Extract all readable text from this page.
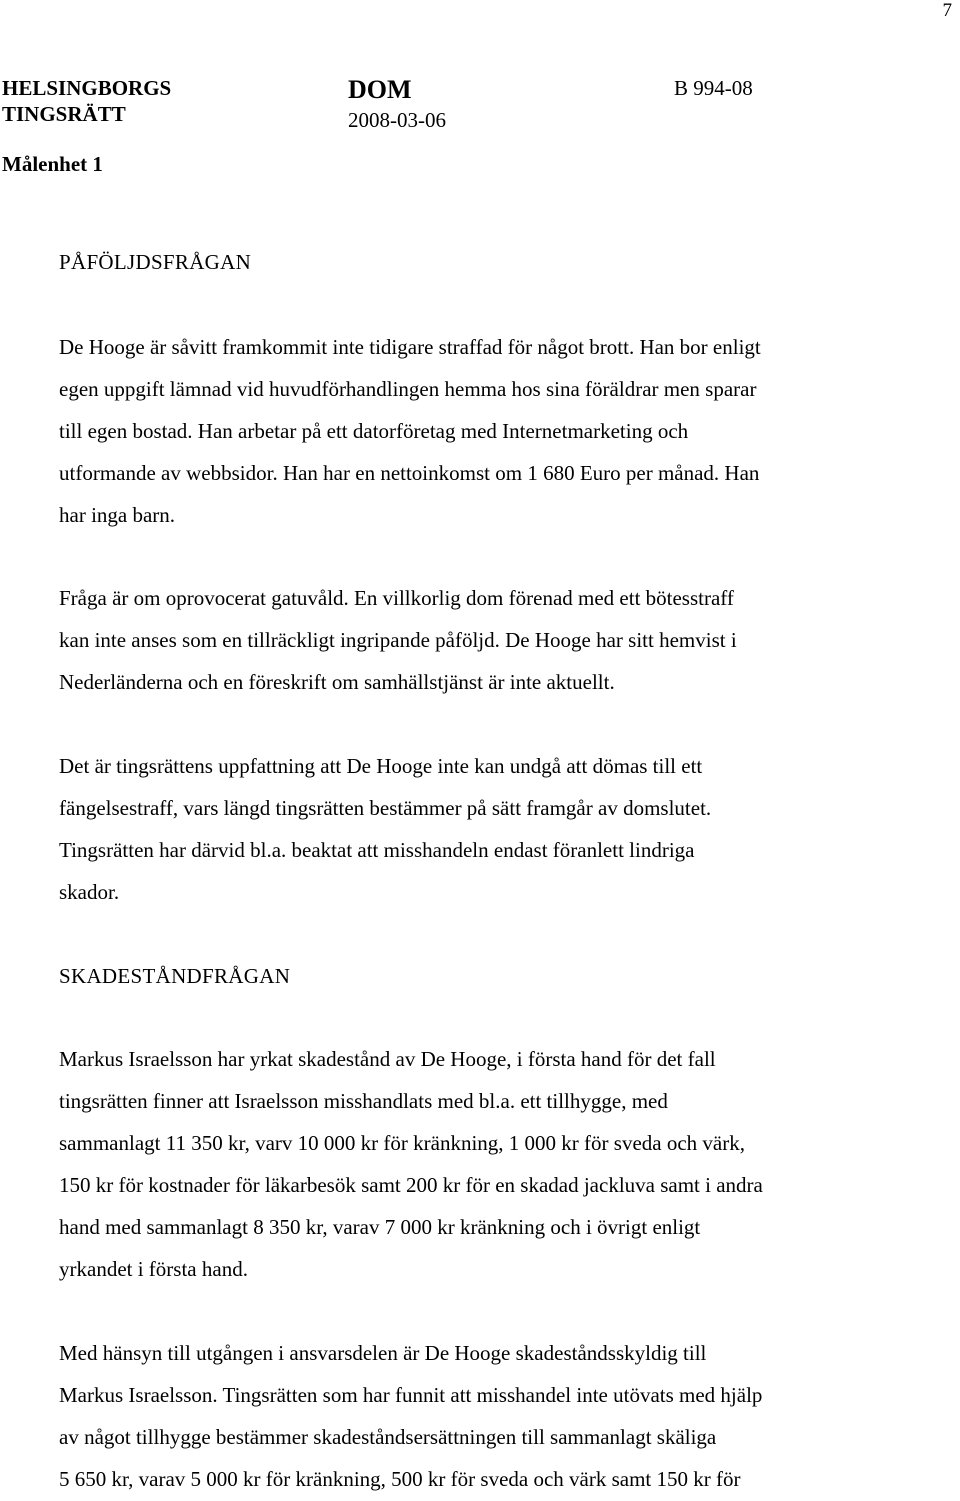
7
HELSINGBORGS
TINGSRÄTT
DOM
2008-03-06
B 994-08
Målenhet 1
PÅFÖLJDSFRÅGAN
De Hooge är såvitt framkommit inte tidigare straffad för något brott. Han bor enligt
egen uppgift lämnad vid huvudförhandlingen hemma hos sina föräldrar men sparar
till egen bostad. Han arbetar på ett datorföretag med Internetmarketing och
utformande av webbsidor. Han har en nettoinkomst om 1 680 Euro per månad. Han
har inga barn.
Fråga är om oprovocerat gatuvåld. En villkorlig dom förenad med ett bötesstraff
kan inte anses som en tillräckligt ingripande påföljd. De Hooge har sitt hemvist i
Nederländerna och en föreskrift om samhällstjänst är inte aktuellt.
Det är tingsrättens uppfattning att De Hooge inte kan undgå att dömas till ett
fängelsestraff, vars längd tingsrätten bestämmer på sätt framgår av domslutet.
Tingsrätten har därvid bl.a. beaktat att misshandeln endast föranlett lindriga
skador.
SKADESTÅNDFRÅGAN
Markus Israelsson har yrkat skadestånd av De Hooge, i första hand för det fall
tingsrätten finner att Israelsson misshandlats med bl.a. ett tillhygge, med
sammanlagt 11 350 kr, varv 10 000 kr för kränkning, 1 000 kr för sveda och värk,
150 kr för kostnader för läkarbesök samt 200 kr för en skadad jackluva samt i andra
hand med sammanlagt 8 350 kr, varav 7 000 kr kränkning och i övrigt enligt
yrkandet i första hand.
Med hänsyn till utgången i ansvarsdelen är De Hooge skadeståndsskyldig till
Markus Israelsson. Tingsrätten som har funnit att misshandel inte utövats med hjälp
av något tillhygge bestämmer skadeståndsersättningen till sammanlagt skäliga
5 650 kr, varav 5 000 kr för kränkning, 500 kr för sveda och värk samt 150 kr för
